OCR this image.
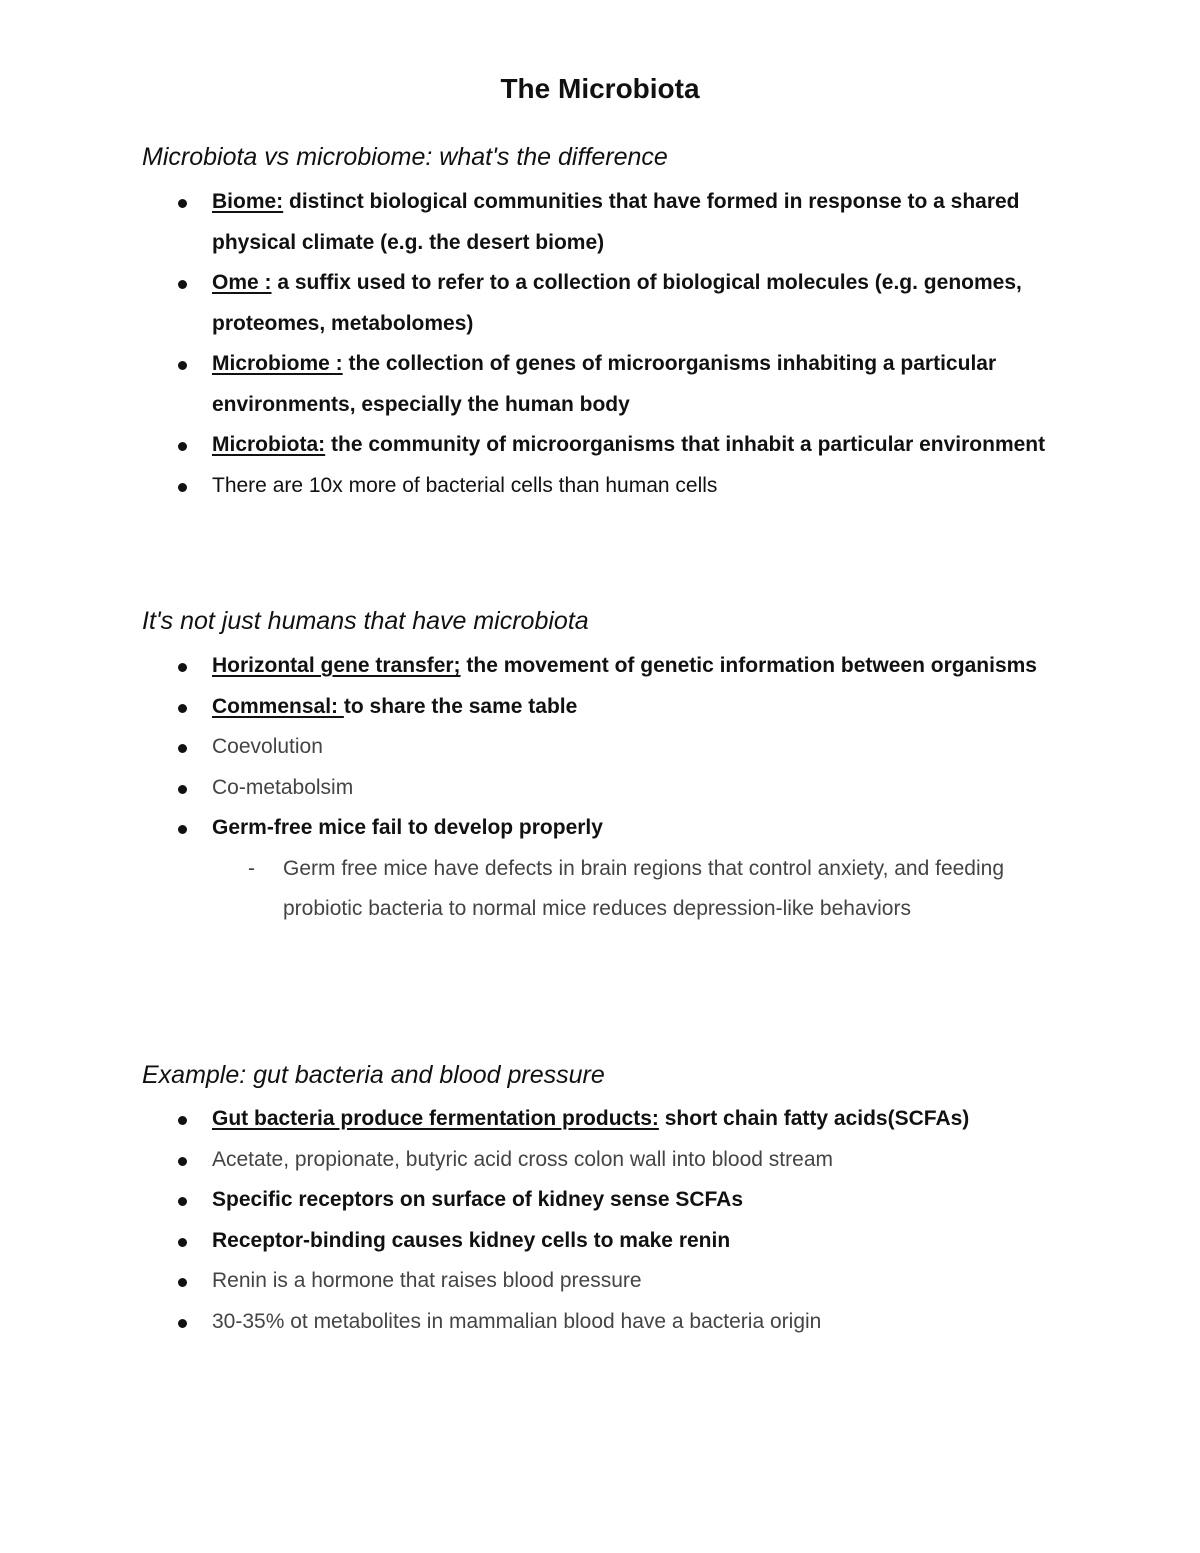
The Microbiota
Microbiota vs microbiome: what's the difference
Biome: distinct biological communities that have formed in response to a shared physical climate (e.g. the desert biome)
Ome : a suffix used to refer to a collection of biological molecules (e.g. genomes, proteomes, metabolomes)
Microbiome : the collection of genes of microorganisms inhabiting a particular environments, especially the human body
Microbiota: the community of microorganisms that inhabit a particular environment
There are 10x more of bacterial cells than human cells
It's not just humans that have microbiota
Horizontal gene transfer; the movement of genetic information between organisms
Commensal: to share the same table
Coevolution
Co-metabolsim
Germ-free mice fail to develop properly
- Germ free mice have defects in brain regions that control anxiety, and feeding probiotic bacteria to normal mice reduces depression-like behaviors
Example: gut bacteria and blood pressure
Gut bacteria produce fermentation products: short chain fatty acids(SCFAs)
Acetate, propionate, butyric acid cross colon wall into blood stream
Specific receptors on surface of kidney sense SCFAs
Receptor-binding causes kidney cells to make renin
Renin is a hormone that raises blood pressure
30-35% ot metabolites in mammalian blood have a bacteria origin
